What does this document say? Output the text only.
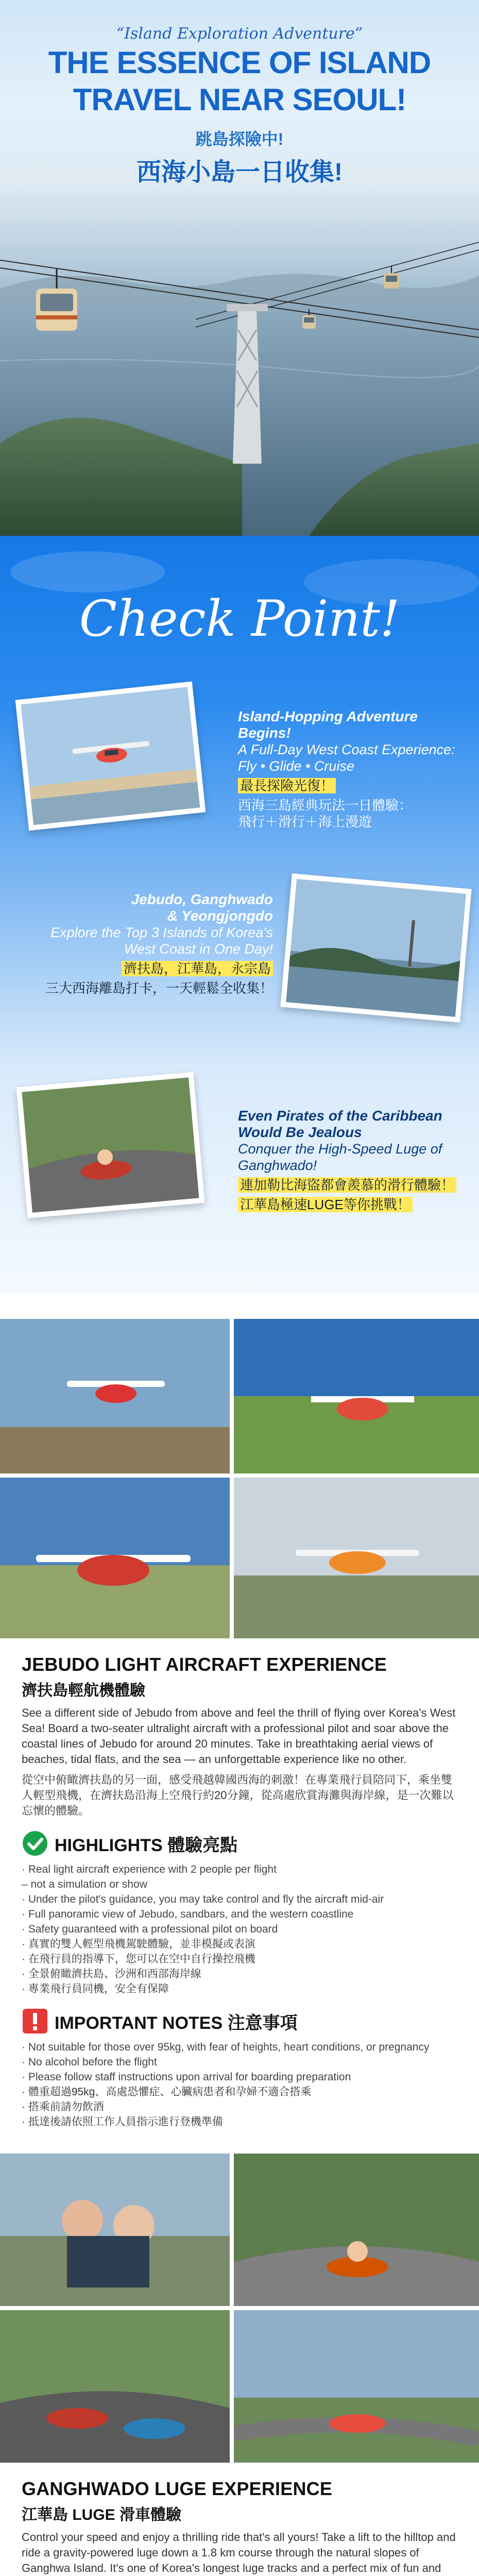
“Island Exploration Adventure”
THE ESSENCE OF ISLAND
TRAVEL NEAR SEOUL!
跳島探險中!
西海小島一日收集!
Check Point!
Island-Hopping Adventure Begins!
A Full-Day West Coast Experience: Fly • Glide • Cruise
最長探險光復！
西海三島經典玩法一日體驗：
飛行＋滑行＋海上漫遊
Jebudo, Ganghwado
& Yeongjongdo
Explore the Top 3 Islands of Korea's West Coast in One Day!
濟扶島，江華島，永宗島
三大西海離島打卡，一天輕鬆全收集！
Even Pirates of the Caribbean Would Be Jealous
Conquer the High-Speed Luge of Ganghwado!
連加勒比海盜都會羨慕的滑行體驗！
江華島極速LUGE等你挑戰！
JEBUDO LIGHT AIRCRAFT EXPERIENCE
濟扶島輕航機體驗

See a different side of Jebudo from above and feel the thrill of flying over Korea's West Sea! Board a two-seater ultralight aircraft with a professional pilot and soar above the coastal lines of Jebudo for around 20 minutes. Take in breathtaking aerial views of beaches, tidal flats, and the sea — an unforgettable experience like no other.

從空中俯瞰濟扶島的另一面，感受飛越韓國西海的刺激！在專業飛行員陪同下，乘坐雙人輕型飛機，在濟扶島沿海上空飛行約20分鐘，從高處欣賞海灘與海岸線，是一次難以忘懷的體驗。

HIGHLIGHTS 體驗亮點
· Real light aircraft experience with 2 people per flight
– not a simulation or show
· Under the pilot's guidance, you may take control and fly the aircraft mid-air
· Full panoramic view of Jebudo, sandbars, and the western coastline
· Safety guaranteed with a professional pilot on board
· 真實的雙人輕型飛機駕駛體驗，並非模擬或表演
· 在飛行員的指導下，您可以在空中自行操控飛機
· 全景俯瞰濟扶島、沙洲和西部海岸線
· 專業飛行員同機，安全有保障
IMPORTANT NOTES 注意事項
· Not suitable for those over 95kg, with fear of heights, heart conditions, or pregnancy
· No alcohol before the flight
· Please follow staff instructions upon arrival for boarding preparation
· 體重超過95kg、高處恐懼症、心臟病患者和孕婦不適合搭乘
· 搭乘前請勿飲酒
· 抵達後請依照工作人員指示進行登機準備
GANGHWADO LUGE EXPERIENCE
江華島 LUGE 滑車體驗

Control your speed and enjoy a thrilling ride that's all yours! Take a lift to the hilltop and ride a gravity-powered luge down a 1.8 km course through the natural slopes of Ganghwa Island. It's one of Korea's longest luge tracks and a perfect mix of fun and
